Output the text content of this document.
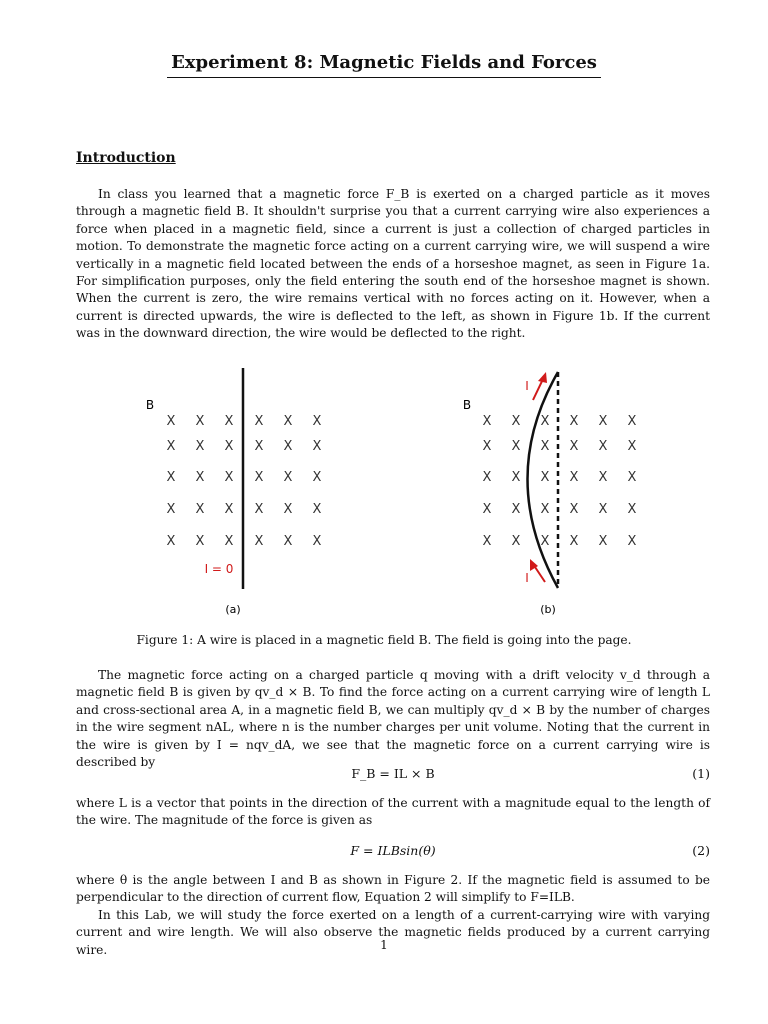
Experiment 8: Magnetic Fields and Forces
Introduction

In class you learned that a magnetic force F_B is exerted on a charged particle as it moves through a magnetic field B. It shouldn't surprise you that a current carrying wire also experiences a force when placed in a magnetic field, since a current is just a collection of charged particles in motion. To demonstrate the magnetic force acting on a current carrying wire, we will suspend a wire vertically in a magnetic field located between the ends of a horseshoe magnet, as seen in Figure 1a. For simplification purposes, only the field entering the south end of the horseshoe magnet is shown. When the current is zero, the wire remains vertical with no forces acting on it. However, when a current is directed upwards, the wire is deflected to the left, as shown in Figure 1b. If the current was in the downward direction, the wire would be deflected to the right.

B
X X X X X X
X X X X X X
X X X X X X
X X X X X X
X X X X X X
I = 0
(a)
B
X X X X X X
X X X X X X
X X X X X X
X X X X X X
X X X X X X
I
I
(b)
Figure 1: A wire is placed in a magnetic field B. The field is going into the page.

The magnetic force acting on a charged particle q moving with a drift velocity v_d through a magnetic field B is given by qv_d × B. To find the force acting on a current carrying wire of length L and cross-sectional area A, in a magnetic field B, we can multiply qv_d × B by the number of charges in the wire segment nAL, where n is the number charges per unit volume. Noting that the current in the wire is given by I = nqv_dA, we see that the magnetic force on a current carrying wire is described by

F_B = IL × B	(1)

where L is a vector that points in the direction of the current with a magnitude equal to the length of the wire. The magnitude of the force is given as

F = ILBsin(θ)	(2)

where θ is the angle between I and B as shown in Figure 2. If the magnetic field is assumed to be perpendicular to the direction of current flow, Equation 2 will simplify to F=ILB.

In this Lab, we will study the force exerted on a length of a current-carrying wire with varying current and wire length. We will also observe the magnetic fields produced by a current carrying wire.	1
